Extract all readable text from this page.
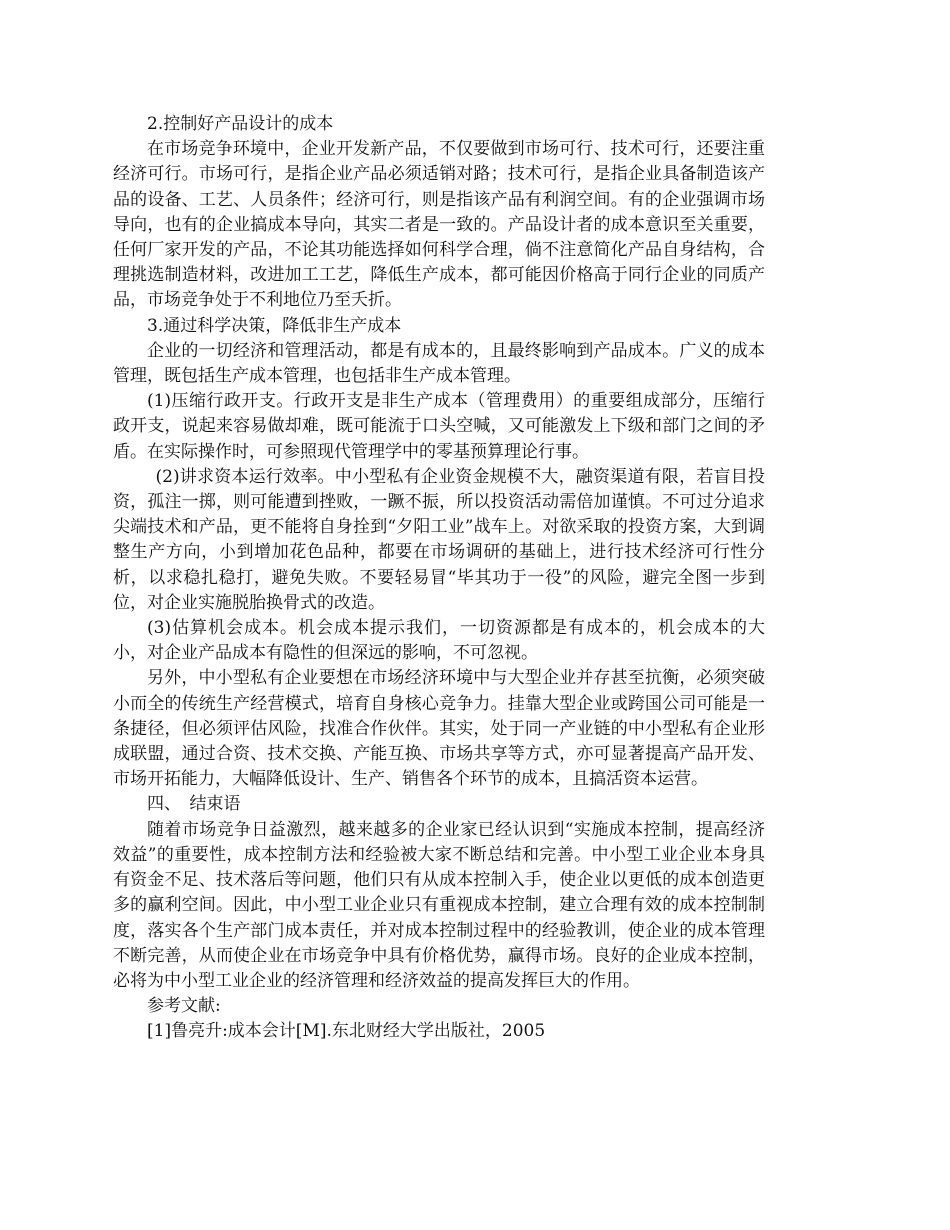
2.控制好产品设计的成本

在市场竞争环境中，企业开发新产品，不仅要做到市场可行、技术可行，还要注重经济可行。市场可行，是指企业产品必须适销对路；技术可行，是指企业具备制造该产品的设备、工艺、人员条件；经济可行，则是指该产品有利润空间。有的企业强调市场导向，也有的企业搞成本导向，其实二者是一致的。产品设计者的成本意识至关重要，任何厂家开发的产品，不论其功能选择如何科学合理，倘不注意简化产品自身结构，合理挑选制造材料，改进加工工艺，降低生产成本，都可能因价格高于同行企业的同质产品，市场竞争处于不利地位乃至夭折。

3.通过科学决策，降低非生产成本

企业的一切经济和管理活动，都是有成本的，且最终影响到产品成本。广义的成本管理，既包括生产成本管理，也包括非生产成本管理。

(1)压缩行政开支。行政开支是非生产成本（管理费用）的重要组成部分，压缩行政开支，说起来容易做却难，既可能流于口头空喊，又可能激发上下级和部门之间的矛盾。在实际操作时，可参照现代管理学中的零基预算理论行事。

(2)讲求资本运行效率。中小型私有企业资金规模不大，融资渠道有限，若盲目投资，孤注一掷，则可能遭到挫败，一蹶不振，所以投资活动需倍加谨慎。不可过分追求尖端技术和产品，更不能将自身拴到“夕阳工业”战车上。对欲采取的投资方案，大到调整生产方向，小到增加花色品种，都要在市场调研的基础上，进行技术经济可行性分析，以求稳扎稳打，避免失败。不要轻易冒“毕其功于一役”的风险，避完全图一步到位，对企业实施脱胎换骨式的改造。

(3)估算机会成本。机会成本提示我们，一切资源都是有成本的，机会成本的大小，对企业产品成本有隐性的但深远的影响，不可忽视。

另外，中小型私有企业要想在市场经济环境中与大型企业并存甚至抗衡，必须突破小而全的传统生产经营模式，培育自身核心竞争力。挂靠大型企业或跨国公司可能是一条捷径，但必须评估风险，找准合作伙伴。其实，处于同一产业链的中小型私有企业形成联盟，通过合资、技术交换、产能互换、市场共享等方式，亦可显著提高产品开发、市场开拓能力，大幅降低设计、生产、销售各个环节的成本，且搞活资本运营。

四、　结束语

随着市场竞争日益激烈，越来越多的企业家已经认识到“实施成本控制，提高经济效益”的重要性，成本控制方法和经验被大家不断总结和完善。中小型工业企业本身具有资金不足、技术落后等问题，他们只有从成本控制入手，使企业以更低的成本创造更多的赢利空间。因此，中小型工业企业只有重视成本控制，建立合理有效的成本控制制度，落实各个生产部门成本责任，并对成本控制过程中的经验教训，使企业的成本管理不断完善，从而使企业在市场竞争中具有价格优势，赢得市场。良好的企业成本控制，必将为中小型工业企业的经济管理和经济效益的提高发挥巨大的作用。

参考文献:

[1]鲁亮升:成本会计[M].东北财经大学出版社，2005
